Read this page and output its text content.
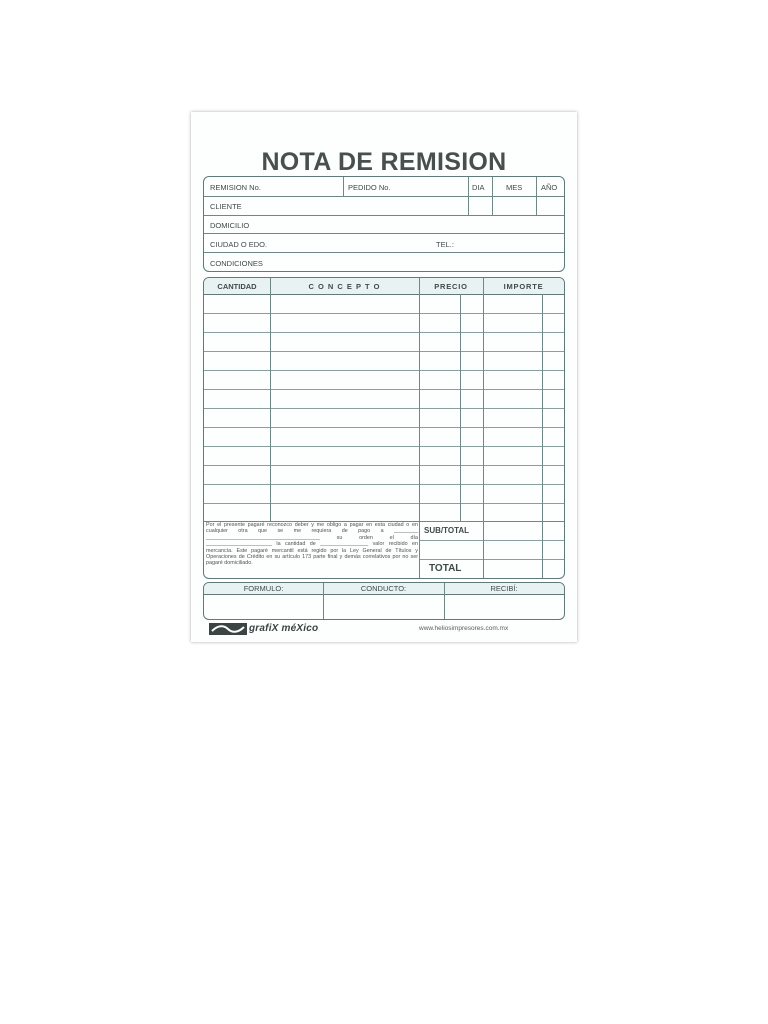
NOTA DE REMISION
REMISION No.	PEDIDO No.	DIA	MES AÑO
CLIENTE
DOMICILIO
CIUDAD O EDO.	TEL.:
CONDICIONES
CANTIDAD	C O N C E P T O	PRECIO	IMPORTE
Por el presente pagaré reconozco deber y me obligo a pagar en esta ciudad o en cualquier otra que se me requiera de pago a ________ ______________________________________ su orden el día ______________________ la cantidad de ________________ valor recibido en mercancía. Este pagaré mercantil está regido por la Ley General de Títulos y Operaciones de Crédito en su artículo 173 parte final y demás correlativos por no ser pagaré domiciliado.
SUB/TOTAL
TOTAL
FORMULO:	CONDUCTO:	RECIBÍ:
grafiX méXico	www.heliosimpresores.com.mx
